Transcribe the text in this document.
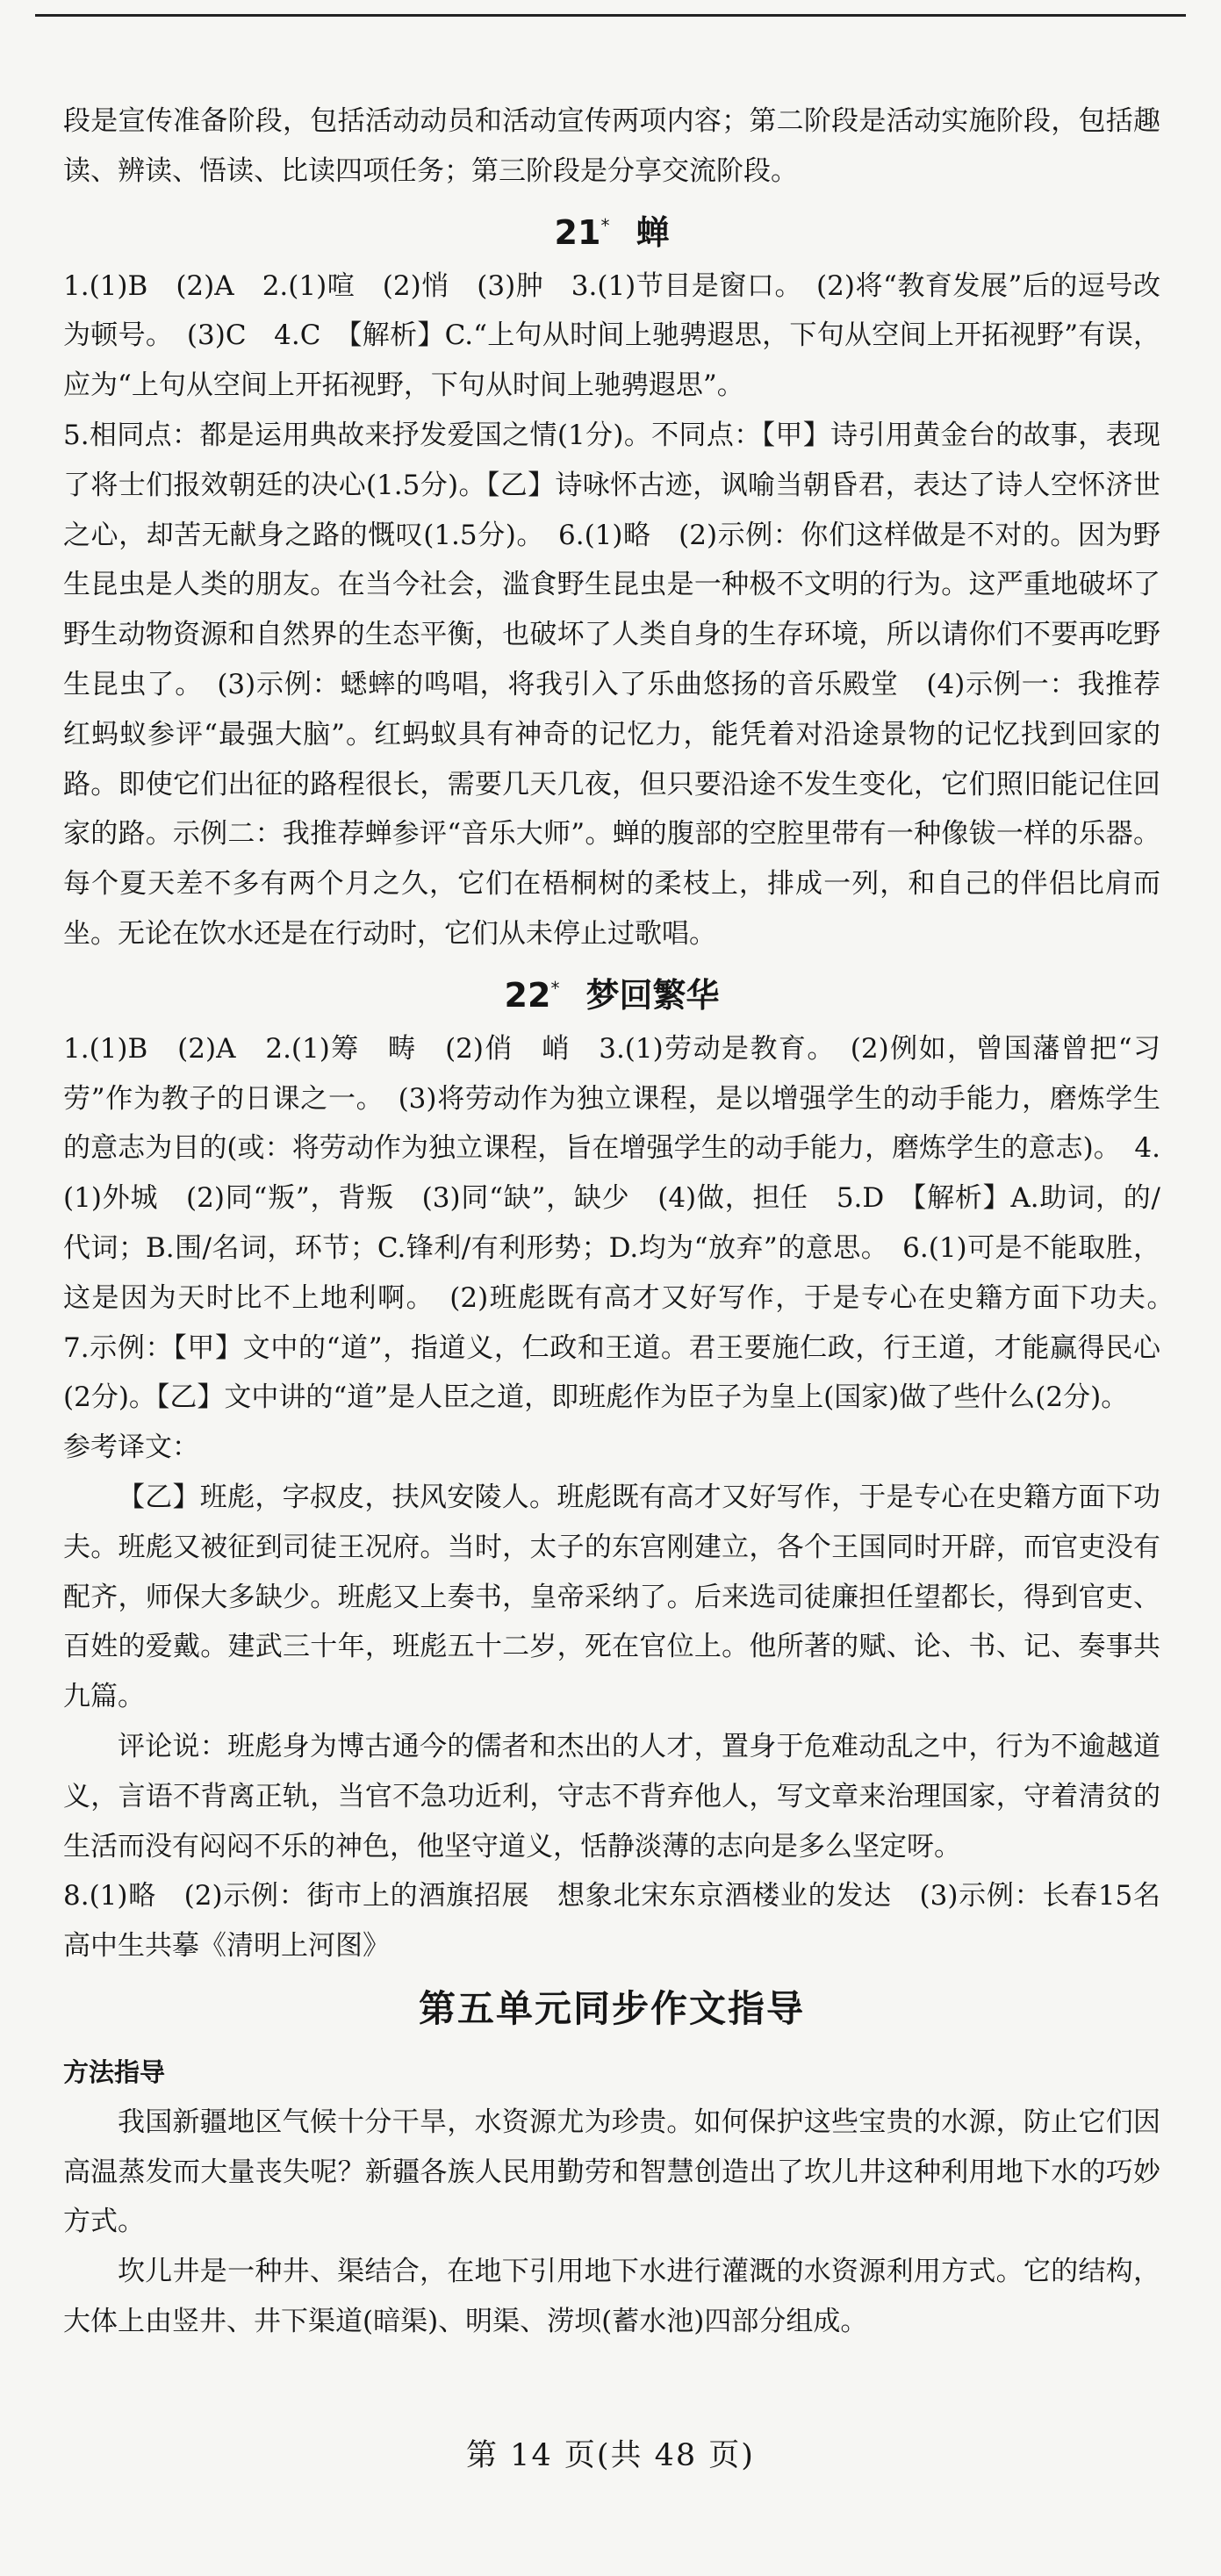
段是宣传准备阶段，包括活动动员和活动宣传两项内容；第二阶段是活动实施阶段，包括趣读、辨读、悟读、比读四项任务；第三阶段是分享交流阶段。

21* 蝉

1.(1)B　(2)A　2.(1)喧　(2)悄　(3)肿　3.(1)节目是窗口。　(2)将“教育发展”后的逗号改为顿号。　(3)C　4.C　【解析】C.“上句从时间上驰骋遐思，下句从空间上开拓视野”有误，应为“上句从空间上开拓视野，下句从时间上驰骋遐思”。

5.相同点：都是运用典故来抒发爱国之情(1分)。不同点：【甲】诗引用黄金台的故事，表现了将士们报效朝廷的决心(1.5分)。【乙】诗咏怀古迹，讽喻当朝昏君，表达了诗人空怀济世之心，却苦无献身之路的慨叹(1.5分)。　6.(1)略　(2)示例：你们这样做是不对的。因为野生昆虫是人类的朋友。在当今社会，滥食野生昆虫是一种极不文明的行为。这严重地破坏了野生动物资源和自然界的生态平衡，也破坏了人类自身的生存环境，所以请你们不要再吃野生昆虫了。　(3)示例：蟋蟀的鸣唱，将我引入了乐曲悠扬的音乐殿堂　(4)示例一：我推荐红蚂蚁参评“最强大脑”。红蚂蚁具有神奇的记忆力，能凭着对沿途景物的记忆找到回家的路。即使它们出征的路程很长，需要几天几夜，但只要沿途不发生变化，它们照旧能记住回家的路。示例二：我推荐蝉参评“音乐大师”。蝉的腹部的空腔里带有一种像钹一样的乐器。每个夏天差不多有两个月之久，它们在梧桐树的柔枝上，排成一列，和自己的伴侣比肩而坐。无论在饮水还是在行动时，它们从未停止过歌唱。

22* 梦回繁华

1.(1)B　(2)A　2.(1)筹　畴　(2)俏　峭　3.(1)劳动是教育。　(2)例如，曾国藩曾把“习劳”作为教子的日课之一。　(3)将劳动作为独立课程，是以增强学生的动手能力，磨炼学生的意志为目的(或：将劳动作为独立课程，旨在增强学生的动手能力，磨炼学生的意志)。　4.(1)外城　(2)同“叛”，背叛　(3)同“缺”，缺少　(4)做，担任　5.D　【解析】A.助词，的/代词；B.围/名词，环节；C.锋利/有利形势；D.均为“放弃”的意思。　6.(1)可是不能取胜，这是因为天时比不上地利啊。　(2)班彪既有高才又好写作，于是专心在史籍方面下功夫。　7.示例：【甲】文中的“道”，指道义，仁政和王道。君王要施仁政，行王道，才能赢得民心(2分)。【乙】文中讲的“道”是人臣之道，即班彪作为臣子为皇上(国家)做了些什么(2分)。

参考译文：

【乙】班彪，字叔皮，扶风安陵人。班彪既有高才又好写作，于是专心在史籍方面下功夫。班彪又被征到司徒王况府。当时，太子的东宫刚建立，各个王国同时开辟，而官吏没有配齐，师保大多缺少。班彪又上奏书，皇帝采纳了。后来选司徒廉担任望都长，得到官吏、百姓的爱戴。建武三十年，班彪五十二岁，死在官位上。他所著的赋、论、书、记、奏事共九篇。

评论说：班彪身为博古通今的儒者和杰出的人才，置身于危难动乱之中，行为不逾越道义，言语不背离正轨，当官不急功近利，守志不背弃他人，写文章来治理国家，守着清贫的生活而没有闷闷不乐的神色，他坚守道义，恬静淡薄的志向是多么坚定呀。

8.(1)略　(2)示例：街市上的酒旗招展　想象北宋东京酒楼业的发达　(3)示例：长春15名高中生共摹《清明上河图》

第五单元同步作文指导
方法指导

我国新疆地区气候十分干旱，水资源尤为珍贵。如何保护这些宝贵的水源，防止它们因高温蒸发而大量丧失呢？新疆各族人民用勤劳和智慧创造出了坎儿井这种利用地下水的巧妙方式。

坎儿井是一种井、渠结合，在地下引用地下水进行灌溉的水资源利用方式。它的结构，大体上由竖井、井下渠道(暗渠)、明渠、涝坝(蓄水池)四部分组成。

第 14 页(共 48 页)
